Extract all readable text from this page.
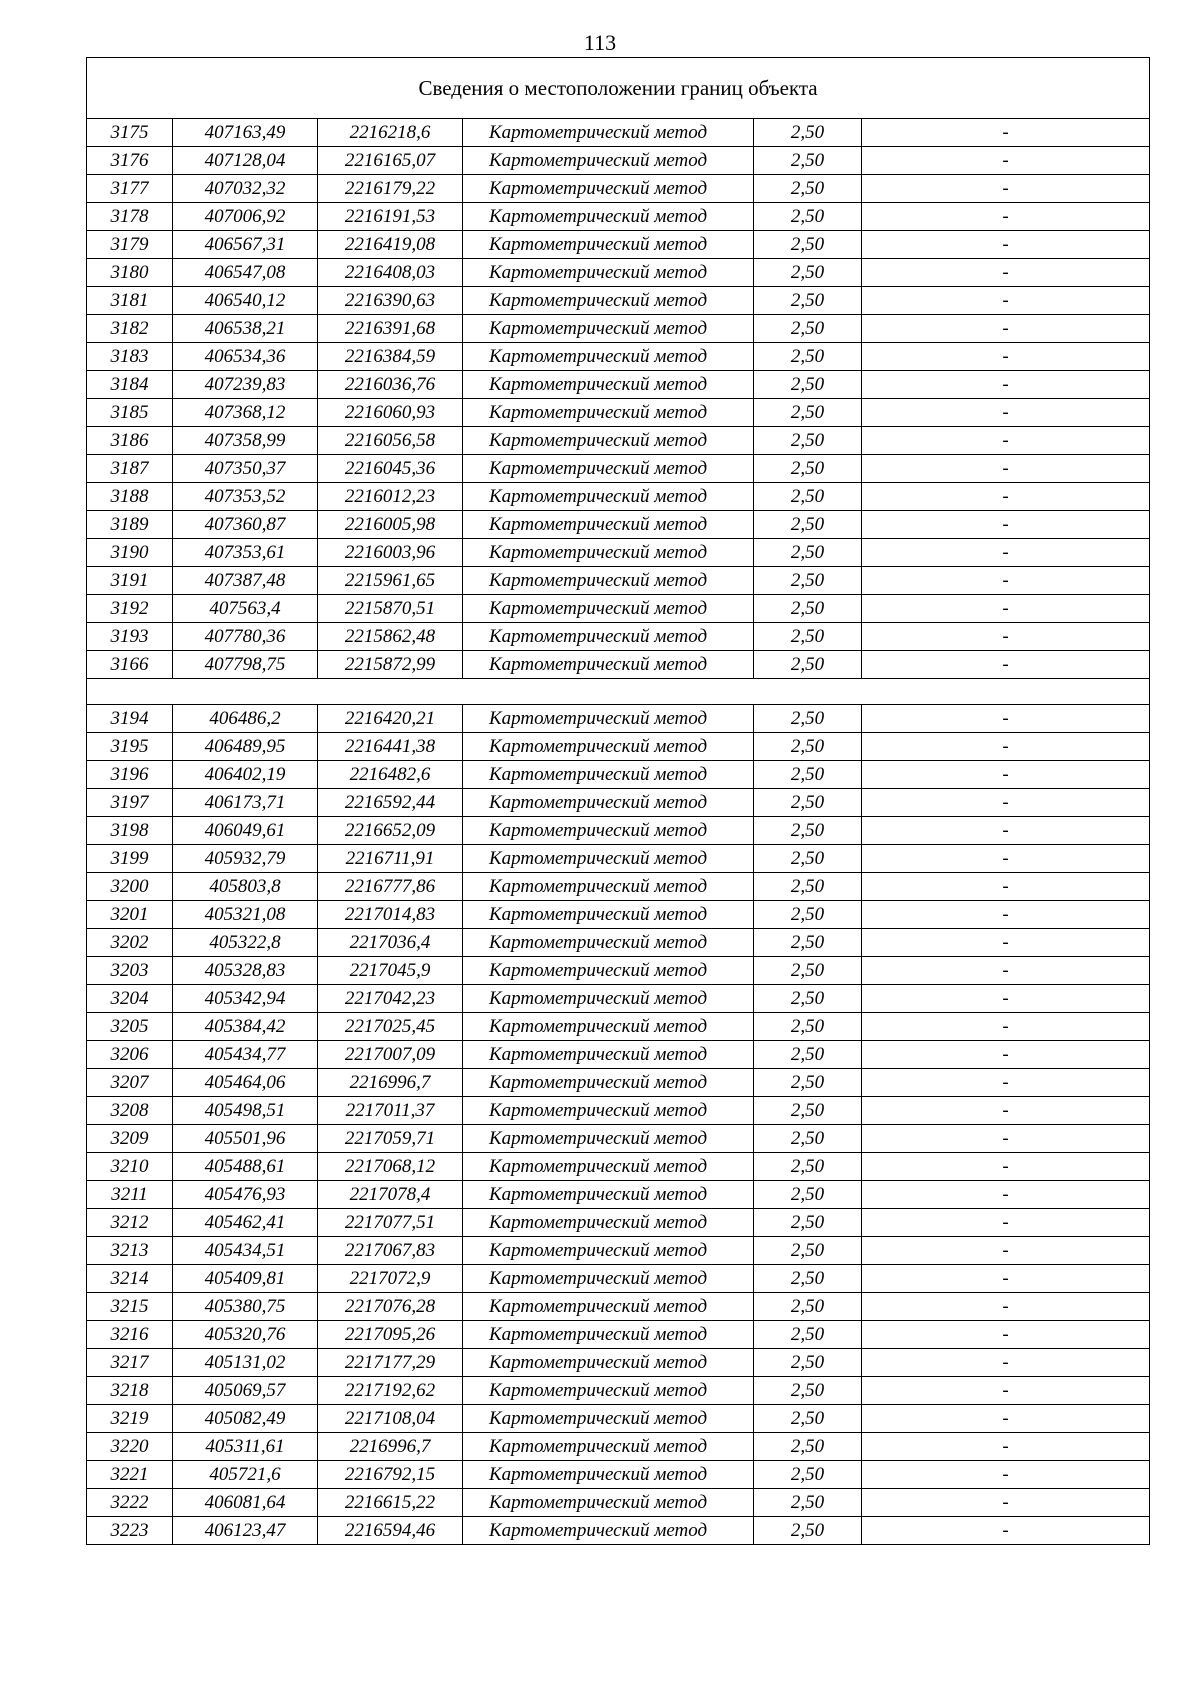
113
Сведения о местоположении границ объекта					
3175	407163,49	2216218,6	Картометрический метод	2,50	-
3176	407128,04	2216165,07	Картометрический метод	2,50	-
3177	407032,32	2216179,22	Картометрический метод	2,50	-
3178	407006,92	2216191,53	Картометрический метод	2,50	-
3179	406567,31	2216419,08	Картометрический метод	2,50	-
3180	406547,08	2216408,03	Картометрический метод	2,50	-
3181	406540,12	2216390,63	Картометрический метод	2,50	-
3182	406538,21	2216391,68	Картометрический метод	2,50	-
3183	406534,36	2216384,59	Картометрический метод	2,50	-
3184	407239,83	2216036,76	Картометрический метод	2,50	-
3185	407368,12	2216060,93	Картометрический метод	2,50	-
3186	407358,99	2216056,58	Картометрический метод	2,50	-
3187	407350,37	2216045,36	Картометрический метод	2,50	-
3188	407353,52	2216012,23	Картометрический метод	2,50	-
3189	407360,87	2216005,98	Картометрический метод	2,50	-
3190	407353,61	2216003,96	Картометрический метод	2,50	-
3191	407387,48	2215961,65	Картометрический метод	2,50	-
3192	407563,4	2215870,51	Картометрический метод	2,50	-
3193	407780,36	2215862,48	Картометрический метод	2,50	-
3166	407798,75	2215872,99	Картометрический метод	2,50	-

3194	406486,2	2216420,21	Картометрический метод	2,50	-
3195	406489,95	2216441,38	Картометрический метод	2,50	-
3196	406402,19	2216482,6	Картометрический метод	2,50	-
3197	406173,71	2216592,44	Картометрический метод	2,50	-
3198	406049,61	2216652,09	Картометрический метод	2,50	-
3199	405932,79	2216711,91	Картометрический метод	2,50	-
3200	405803,8	2216777,86	Картометрический метод	2,50	-
3201	405321,08	2217014,83	Картометрический метод	2,50	-
3202	405322,8	2217036,4	Картометрический метод	2,50	-
3203	405328,83	2217045,9	Картометрический метод	2,50	-
3204	405342,94	2217042,23	Картометрический метод	2,50	-
3205	405384,42	2217025,45	Картометрический метод	2,50	-
3206	405434,77	2217007,09	Картометрический метод	2,50	-
3207	405464,06	2216996,7	Картометрический метод	2,50	-
3208	405498,51	2217011,37	Картометрический метод	2,50	-
3209	405501,96	2217059,71	Картометрический метод	2,50	-
3210	405488,61	2217068,12	Картометрический метод	2,50	-
3211	405476,93	2217078,4	Картометрический метод	2,50	-
3212	405462,41	2217077,51	Картометрический метод	2,50	-
3213	405434,51	2217067,83	Картометрический метод	2,50	-
3214	405409,81	2217072,9	Картометрический метод	2,50	-
3215	405380,75	2217076,28	Картометрический метод	2,50	-
3216	405320,76	2217095,26	Картометрический метод	2,50	-
3217	405131,02	2217177,29	Картометрический метод	2,50	-
3218	405069,57	2217192,62	Картометрический метод	2,50	-
3219	405082,49	2217108,04	Картометрический метод	2,50	-
3220	405311,61	2216996,7	Картометрический метод	2,50	-
3221	405721,6	2216792,15	Картометрический метод	2,50	-
3222	406081,64	2216615,22	Картометрический метод	2,50	-
3223	406123,47	2216594,46	Картометрический метод	2,50	-
